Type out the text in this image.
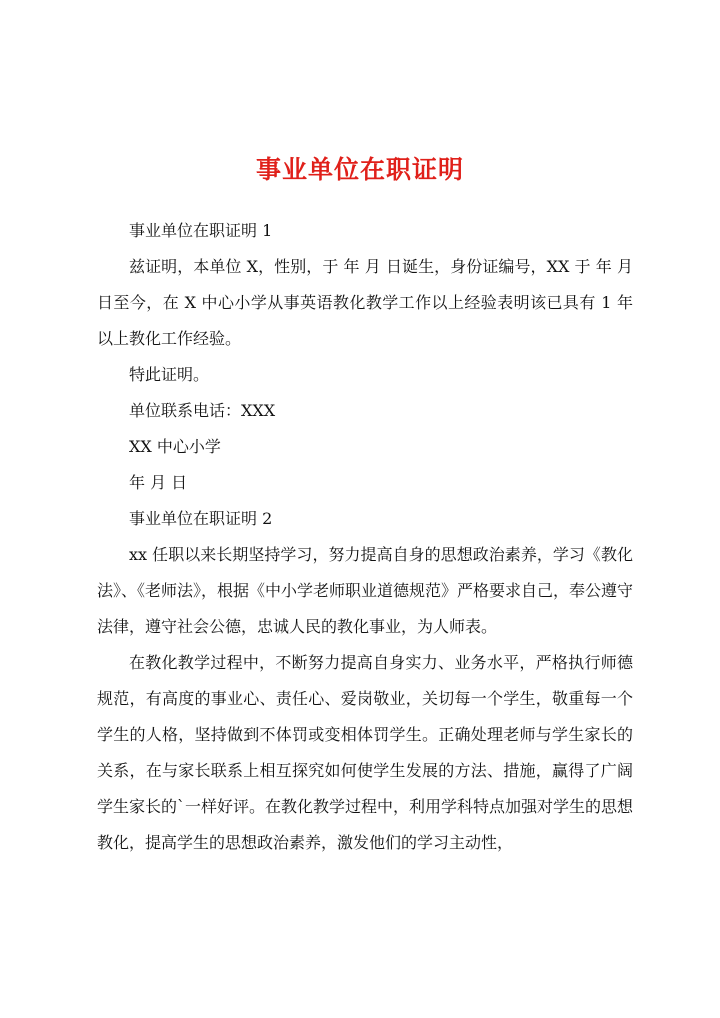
事业单位在职证明

事业单位在职证明 1

兹证明，本单位 X，性别，于 年 月 日诞生，身份证编号，XX 于 年 月 日至今，在 X 中心小学从事英语教化教学工作以上经验表明该已具有 1 年以上教化工作经验。

特此证明。

单位联系电话：XXX

XX 中心小学

年 月 日

事业单位在职证明 2

xx 任职以来长期坚持学习，努力提高自身的思想政治素养，学习《教化法》、《老师法》，根据《中小学老师职业道德规范》严格要求自己，奉公遵守法律，遵守社会公德，忠诚人民的教化事业，为人师表。

在教化教学过程中，不断努力提高自身实力、业务水平，严格执行师德规范，有高度的事业心、责任心、爱岗敬业，关切每一个学生，敬重每一个学生的人格，坚持做到不体罚或变相体罚学生。正确处理老师与学生家长的关系，在与家长联系上相互探究如何使学生发展的方法、措施，赢得了广阔学生家长的`一样好评。在教化教学过程中，利用学科特点加强对学生的思想教化，提高学生的思想政治素养，激发他们的学习主动性，
